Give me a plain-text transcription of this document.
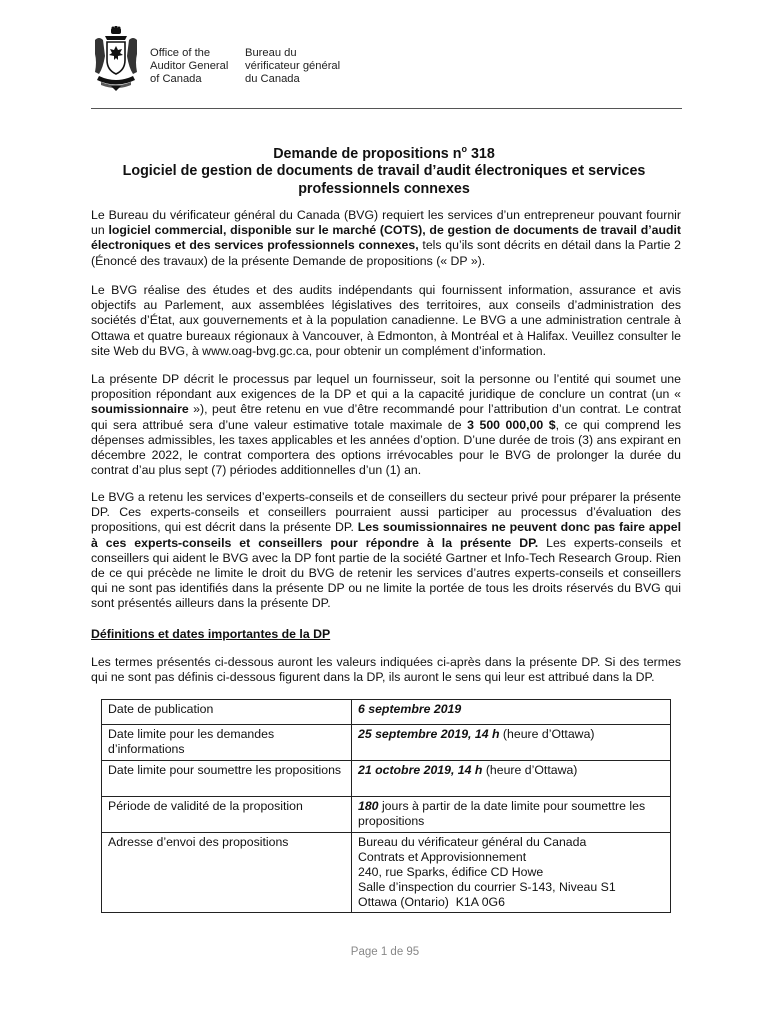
Office of the
Auditor General
of Canada
Bureau du
vérificateur général
du Canada
Demande de propositions $n^o$ 318
Logiciel de gestion de documents de travail d’audit électroniques et services
professionnels connexes
Le Bureau du vérificateur général du Canada (BVG) requiert les services d’un entrepreneur pouvant fournir un logiciel commercial, disponible sur le marché (COTS), de gestion de documents de travail d’audit électroniques et des services professionnels connexes, tels qu’ils sont décrits en détail dans la Partie 2 (Énoncé des travaux) de la présente Demande de propositions (« DP »).
Le BVG réalise des études et des audits indépendants qui fournissent information, assurance et avis objectifs au Parlement, aux assemblées législatives des territoires, aux conseils d’administration des sociétés d’État, aux gouvernements et à la population canadienne. Le BVG a une administration centrale à Ottawa et quatre bureaux régionaux à Vancouver, à Edmonton, à Montréal et à Halifax. Veuillez consulter le site Web du BVG, à www.oag-bvg.gc.ca, pour obtenir un complément d’information.
La présente DP décrit le processus par lequel un fournisseur, soit la personne ou l’entité qui soumet une proposition répondant aux exigences de la DP et qui a la capacité juridique de conclure un contrat (un « soumissionnaire »), peut être retenu en vue d’être recommandé pour l’attribution d’un contrat. Le contrat qui sera attribué sera d’une valeur estimative totale maximale de 3 500 000,00 $, ce qui comprend les dépenses admissibles, les taxes applicables et les années d’option. D’une durée de trois (3) ans expirant en décembre 2022, le contrat comportera des options irrévocables pour le BVG de prolonger la durée du contrat d’au plus sept (7) périodes additionnelles d’un (1) an.
Le BVG a retenu les services d’experts-conseils et de conseillers du secteur privé pour préparer la présente DP. Ces experts-conseils et conseillers pourraient aussi participer au processus d’évaluation des propositions, qui est décrit dans la présente DP. Les soumissionnaires ne peuvent donc pas faire appel à ces experts-conseils et conseillers pour répondre à la présente DP. Les experts-conseils et conseillers qui aident le BVG avec la DP font partie de la société Gartner et Info-Tech Research Group. Rien de ce qui précède ne limite le droit du BVG de retenir les services d’autres experts-conseils et conseillers qui ne sont pas identifiés dans la présente DP ou ne limite la portée de tous les droits réservés du BVG qui sont présentés ailleurs dans la présente DP.
Définitions et dates importantes de la DP
Les termes présentés ci-dessous auront les valeurs indiquées ci-après dans la présente DP. Si des termes qui ne sont pas définis ci-dessous figurent dans la DP, ils auront le sens qui leur est attribué dans la DP.
Date de publication	6 septembre 2019
Date limite pour les demandes d’informations	25 septembre 2019, 14 h (heure d’Ottawa)
Date limite pour soumettre les propositions	21 octobre 2019, 14 h (heure d’Ottawa)
Période de validité de la proposition	180 jours à partir de la date limite pour soumettre les propositions
Adresse d’envoi des propositions	Bureau du vérificateur général du Canada
Contrats et Approvisionnement
240, rue Sparks, édifice CD Howe
Salle d’inspection du courrier S-143, Niveau S1
Ottawa (Ontario)  K1A 0G6
Page 1 de 95
